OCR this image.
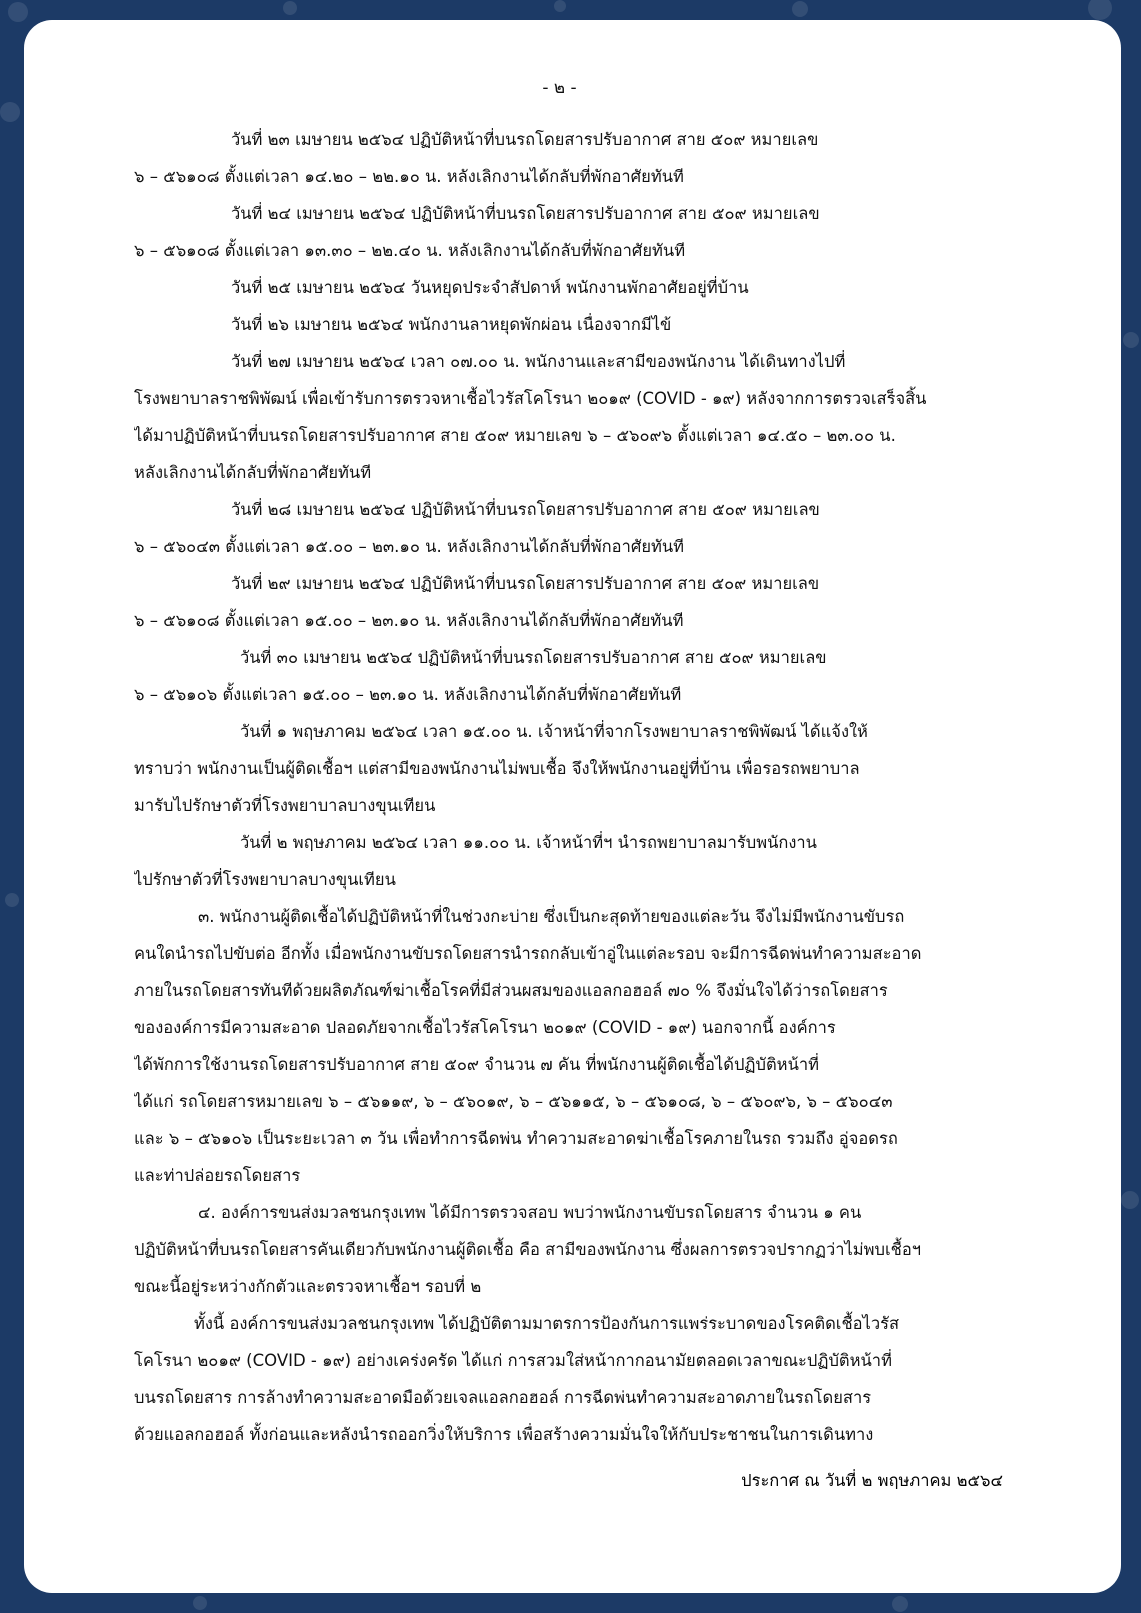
- ๒ -
วันที่ ๒๓ เมษายน ๒๕๖๔ ปฏิบัติหน้าที่บนรถโดยสารปรับอากาศ สาย ๕๐๙ หมายเลข
๖ – ๕๖๑๐๘ ตั้งแต่เวลา ๑๔.๒๐ – ๒๒.๑๐ น. หลังเลิกงานได้กลับที่พักอาศัยทันที
วันที่ ๒๔ เมษายน ๒๕๖๔ ปฏิบัติหน้าที่บนรถโดยสารปรับอากาศ สาย ๕๐๙ หมายเลข
๖ – ๕๖๑๐๘ ตั้งแต่เวลา ๑๓.๓๐ – ๒๒.๔๐ น. หลังเลิกงานได้กลับที่พักอาศัยทันที
วันที่ ๒๕ เมษายน ๒๕๖๔ วันหยุดประจำสัปดาห์ พนักงานพักอาศัยอยู่ที่บ้าน
วันที่ ๒๖ เมษายน ๒๕๖๔ พนักงานลาหยุดพักผ่อน เนื่องจากมีไข้
วันที่ ๒๗ เมษายน ๒๕๖๔ เวลา ๐๗.๐๐ น. พนักงานและสามีของพนักงาน ได้เดินทางไปที่
โรงพยาบาลราชพิพัฒน์ เพื่อเข้ารับการตรวจหาเชื้อไวรัสโคโรนา ๒๐๑๙ (COVID - ๑๙) หลังจากการตรวจเสร็จสิ้น
ได้มาปฏิบัติหน้าที่บนรถโดยสารปรับอากาศ สาย ๕๐๙ หมายเลข ๖ – ๕๖๐๙๖ ตั้งแต่เวลา ๑๔.๕๐ – ๒๓.๐๐ น.
หลังเลิกงานได้กลับที่พักอาศัยทันที
วันที่ ๒๘ เมษายน ๒๕๖๔ ปฏิบัติหน้าที่บนรถโดยสารปรับอากาศ สาย ๕๐๙ หมายเลข
๖ – ๕๖๐๔๓ ตั้งแต่เวลา ๑๕.๐๐ – ๒๓.๑๐ น. หลังเลิกงานได้กลับที่พักอาศัยทันที
วันที่ ๒๙ เมษายน ๒๕๖๔ ปฏิบัติหน้าที่บนรถโดยสารปรับอากาศ สาย ๕๐๙ หมายเลข
๖ – ๕๖๑๐๘ ตั้งแต่เวลา ๑๕.๐๐ – ๒๓.๑๐ น. หลังเลิกงานได้กลับที่พักอาศัยทันที
วันที่ ๓๐ เมษายน ๒๕๖๔ ปฏิบัติหน้าที่บนรถโดยสารปรับอากาศ สาย ๕๐๙ หมายเลข
๖ – ๕๖๑๐๖ ตั้งแต่เวลา ๑๕.๐๐ – ๒๓.๑๐ น. หลังเลิกงานได้กลับที่พักอาศัยทันที
วันที่ ๑ พฤษภาคม ๒๕๖๔ เวลา ๑๕.๐๐ น. เจ้าหน้าที่จากโรงพยาบาลราชพิพัฒน์ ได้แจ้งให้
ทราบว่า พนักงานเป็นผู้ติดเชื้อฯ แต่สามีของพนักงานไม่พบเชื้อ จึงให้พนักงานอยู่ที่บ้าน เพื่อรอรถพยาบาล
มารับไปรักษาตัวที่โรงพยาบาลบางขุนเทียน
วันที่ ๒ พฤษภาคม ๒๕๖๔ เวลา ๑๑.๐๐ น. เจ้าหน้าที่ฯ นำรถพยาบาลมารับพนักงาน
ไปรักษาตัวที่โรงพยาบาลบางขุนเทียน
๓. พนักงานผู้ติดเชื้อได้ปฏิบัติหน้าที่ในช่วงกะบ่าย ซึ่งเป็นกะสุดท้ายของแต่ละวัน จึงไม่มีพนักงานขับรถ
คนใดนำรถไปขับต่อ อีกทั้ง เมื่อพนักงานขับรถโดยสารนำรถกลับเข้าอู่ในแต่ละรอบ จะมีการฉีดพ่นทำความสะอาด
ภายในรถโดยสารทันทีด้วยผลิตภัณฑ์ฆ่าเชื้อโรคที่มีส่วนผสมของแอลกอฮอล์ ๗๐ % จึงมั่นใจได้ว่ารถโดยสาร
ขององค์การมีความสะอาด ปลอดภัยจากเชื้อไวรัสโคโรนา ๒๐๑๙ (COVID - ๑๙) นอกจากนี้ องค์การ
ได้พักการใช้งานรถโดยสารปรับอากาศ สาย ๕๐๙ จำนวน ๗ คัน ที่พนักงานผู้ติดเชื้อได้ปฏิบัติหน้าที่
ได้แก่ รถโดยสารหมายเลข ๖ – ๕๖๑๑๙, ๖ – ๕๖๐๑๙, ๖ – ๕๖๑๑๕, ๖ – ๕๖๑๐๘, ๖ – ๕๖๐๙๖, ๖ – ๕๖๐๔๓
และ ๖ – ๕๖๑๐๖ เป็นระยะเวลา ๓ วัน เพื่อทำการฉีดพ่น ทำความสะอาดฆ่าเชื้อโรคภายในรถ รวมถึง อู่จอดรถ
และท่าปล่อยรถโดยสาร
๔. องค์การขนส่งมวลชนกรุงเทพ ได้มีการตรวจสอบ พบว่าพนักงานขับรถโดยสาร จำนวน ๑ คน
ปฏิบัติหน้าที่บนรถโดยสารคันเดียวกับพนักงานผู้ติดเชื้อ คือ สามีของพนักงาน ซึ่งผลการตรวจปรากฏว่าไม่พบเชื้อฯ
ขณะนี้อยู่ระหว่างกักตัวและตรวจหาเชื้อฯ รอบที่ ๒
ทั้งนี้ องค์การขนส่งมวลชนกรุงเทพ ได้ปฏิบัติตามมาตรการป้องกันการแพร่ระบาดของโรคติดเชื้อไวรัส
โคโรนา ๒๐๑๙ (COVID - ๑๙) อย่างเคร่งครัด ได้แก่ การสวมใส่หน้ากากอนามัยตลอดเวลาขณะปฏิบัติหน้าที่
บนรถโดยสาร การล้างทำความสะอาดมือด้วยเจลแอลกอฮอล์ การฉีดพ่นทำความสะอาดภายในรถโดยสาร
ด้วยแอลกอฮอล์ ทั้งก่อนและหลังนำรถออกวิ่งให้บริการ เพื่อสร้างความมั่นใจให้กับประชาชนในการเดินทาง
ประกาศ ณ วันที่ ๒ พฤษภาคม ๒๕๖๔
